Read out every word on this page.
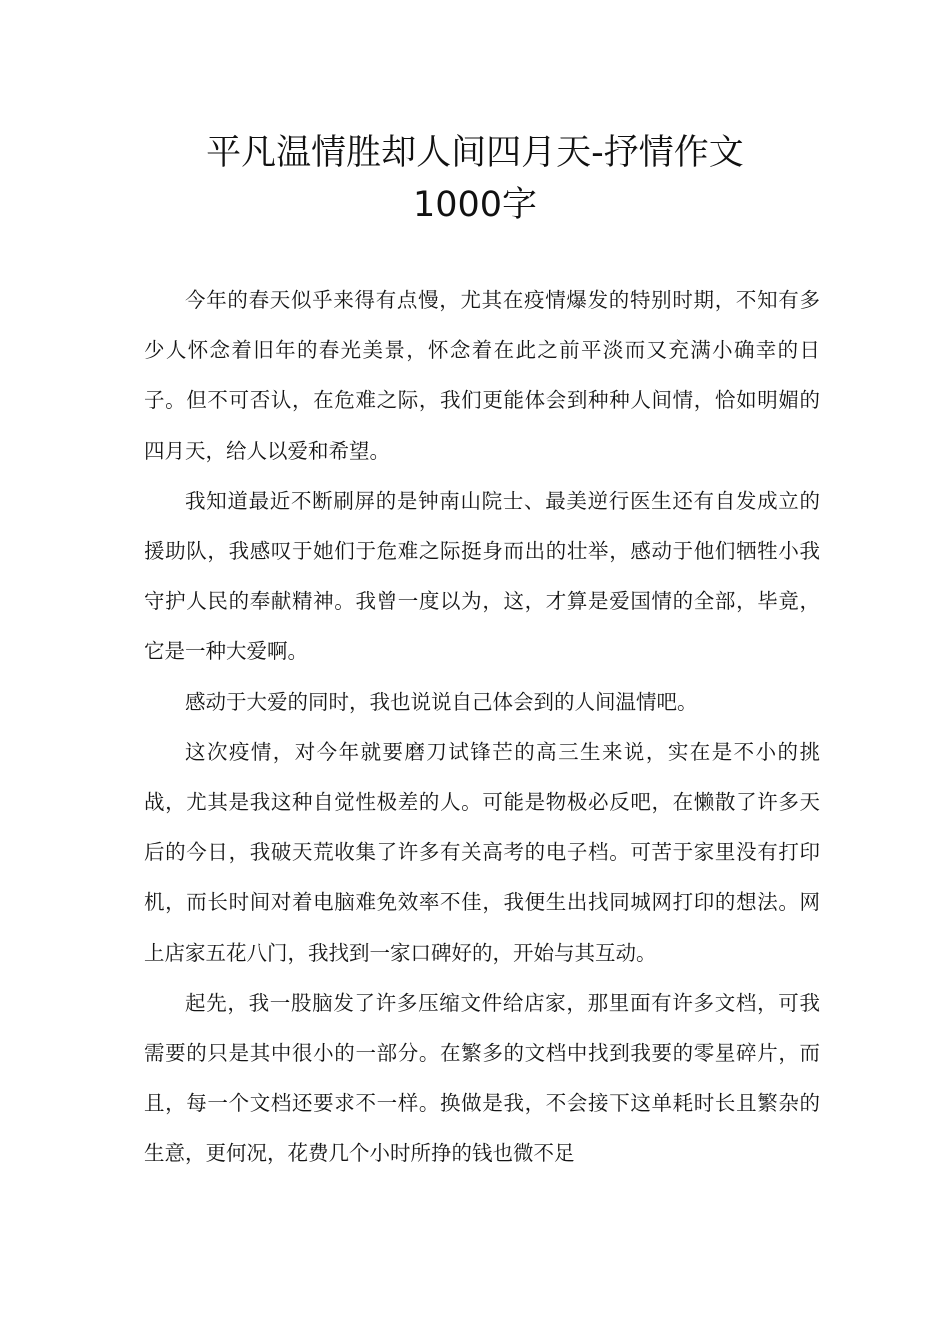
平凡温情胜却人间四月天-抒情作文
1000字

今年的春天似乎来得有点慢，尤其在疫情爆发的特别时期，不知有多少人怀念着旧年的春光美景，怀念着在此之前平淡而又充满小确幸的日子。但不可否认，在危难之际，我们更能体会到种种人间情，恰如明媚的四月天，给人以爱和希望。

我知道最近不断刷屏的是钟南山院士、最美逆行医生还有自发成立的援助队，我感叹于她们于危难之际挺身而出的壮举，感动于他们牺牲小我守护人民的奉献精神。我曾一度以为，这，才算是爱国情的全部，毕竟，它是一种大爱啊。

感动于大爱的同时，我也说说自己体会到的人间温情吧。

这次疫情，对今年就要磨刀试锋芒的高三生来说，实在是不小的挑战，尤其是我这种自觉性极差的人。可能是物极必反吧，在懒散了许多天后的今日，我破天荒收集了许多有关高考的电子档。可苦于家里没有打印机，而长时间对着电脑难免效率不佳，我便生出找同城网打印的想法。网上店家五花八门，我找到一家口碑好的，开始与其互动。

起先，我一股脑发了许多压缩文件给店家，那里面有许多文档，可我需要的只是其中很小的一部分。在繁多的文档中找到我要的零星碎片，而且，每一个文档还要求不一样。换做是我，不会接下这单耗时长且繁杂的生意，更何况，花费几个小时所挣的钱也微不足
